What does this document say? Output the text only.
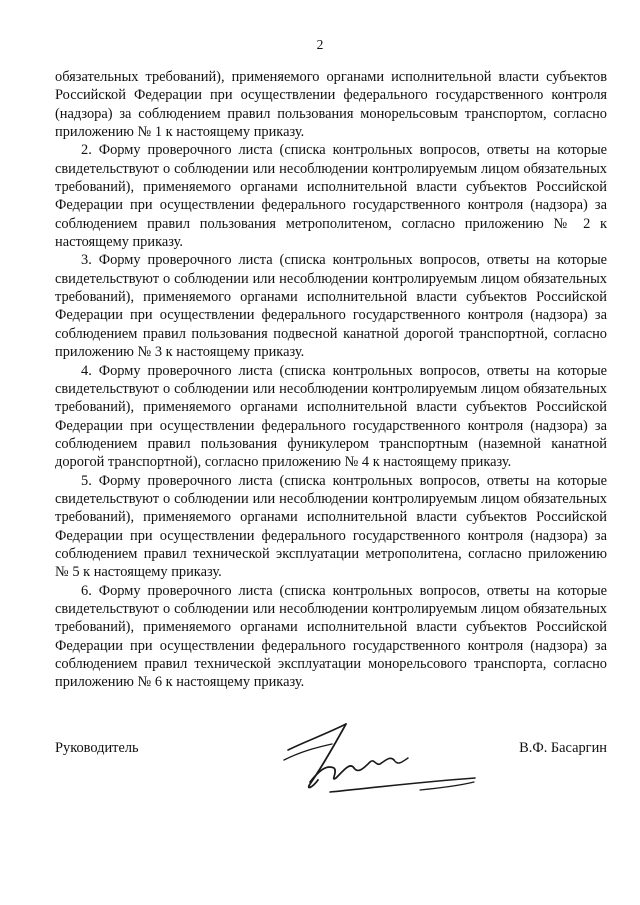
2

обязательных требований), применяемого органами исполнительной власти субъектов Российской Федерации при осуществлении федерального государственного контроля (надзора) за соблюдением правил пользования монорельсовым транспортом, согласно приложению № 1 к настоящему приказу.

2. Форму проверочного листа (списка контрольных вопросов, ответы на которые свидетельствуют о соблюдении или несоблюдении контролируемым лицом обязательных требований), применяемого органами исполнительной власти субъектов Российской Федерации при осуществлении федерального государственного контроля (надзора) за соблюдением правил пользования метрополитеном, согласно приложению № 2 к настоящему приказу.

3. Форму проверочного листа (списка контрольных вопросов, ответы на которые свидетельствуют о соблюдении или несоблюдении контролируемым лицом обязательных требований), применяемого органами исполнительной власти субъектов Российской Федерации при осуществлении федерального государственного контроля (надзора) за соблюдением правил пользования подвесной канатной дорогой транспортной, согласно приложению № 3 к настоящему приказу.

4. Форму проверочного листа (списка контрольных вопросов, ответы на которые свидетельствуют о соблюдении или несоблюдении контролируемым лицом обязательных требований), применяемого органами исполнительной власти субъектов Российской Федерации при осуществлении федерального государственного контроля (надзора) за соблюдением правил пользования фуникулером транспортным (наземной канатной дорогой транспортной), согласно приложению № 4 к настоящему приказу.

5. Форму проверочного листа (списка контрольных вопросов, ответы на которые свидетельствуют о соблюдении или несоблюдении контролируемым лицом обязательных требований), применяемого органами исполнительной власти субъектов Российской Федерации при осуществлении федерального государственного контроля (надзора) за соблюдением правил технической эксплуатации метрополитена, согласно приложению № 5 к настоящему приказу.

6. Форму проверочного листа (списка контрольных вопросов, ответы на которые свидетельствуют о соблюдении или несоблюдении контролируемым лицом обязательных требований), применяемого органами исполнительной власти субъектов Российской Федерации при осуществлении федерального государственного контроля (надзора) за соблюдением правил технической эксплуатации монорельсового транспорта, согласно приложению № 6 к настоящему приказу.

Руководитель	В.Ф. Басаргин
